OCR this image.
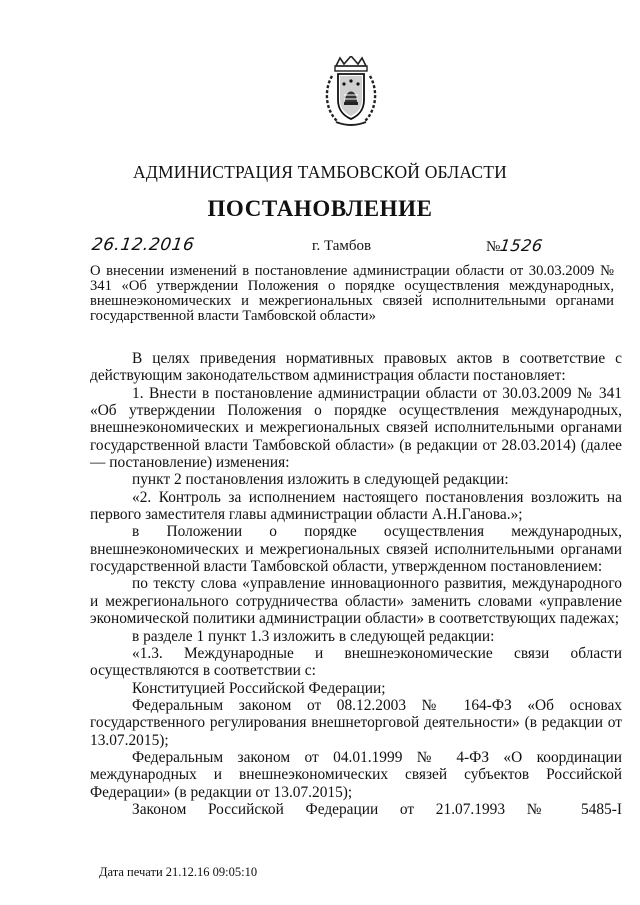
АДМИНИСТРАЦИЯ ТАМБОВСКОЙ ОБЛАСТИ
ПОСТАНОВЛЕНИЕ
26.12.2016	г. Тамбов	№1526
О внесении изменений в постановление администрации области от 30.03.2009 № 341 «Об утверждении Положения о порядке осуществления международных, внешнеэкономических и межрегиональных связей исполнительными органами государственной власти Тамбовской области»

В целях приведения нормативных правовых актов в соответствие с действующим законодательством администрация области постановляет:

1. Внести в постановление администрации области от 30.03.2009 № 341 «Об утверждении Положения о порядке осуществления международных, внешнеэкономических и межрегиональных связей исполнительными органами государственной власти Тамбовской области» (в редакции от 28.03.2014) (далее — постановление) изменения:

пункт 2 постановления изложить в следующей редакции:

«2. Контроль за исполнением настоящего постановления возложить на первого заместителя главы администрации области А.Н.Ганова.»;

в Положении о порядке осуществления международных, внешнеэкономических и межрегиональных связей исполнительными органами государственной власти Тамбовской области, утвержденном постановлением:

по тексту слова «управление инновационного развития, международного и межрегионального сотрудничества области» заменить словами «управление экономической политики администрации области» в соответствующих падежах;

в разделе 1 пункт 1.3 изложить в следующей редакции:

«1.3. Международные и внешнеэкономические связи области осуществляются в соответствии с:

Конституцией Российской Федерации;

Федеральным законом от 08.12.2003 № 164-ФЗ «Об основах государственного регулирования внешнеторговой деятельности» (в редакции от 13.07.2015);

Федеральным законом от 04.01.1999 № 4-ФЗ «О координации международных и внешнеэкономических связей субъектов Российской Федерации» (в редакции от 13.07.2015);

Законом Российской Федерации от 21.07.1993 № 5485-I

Дата печати 21.12.16 09:05:10
